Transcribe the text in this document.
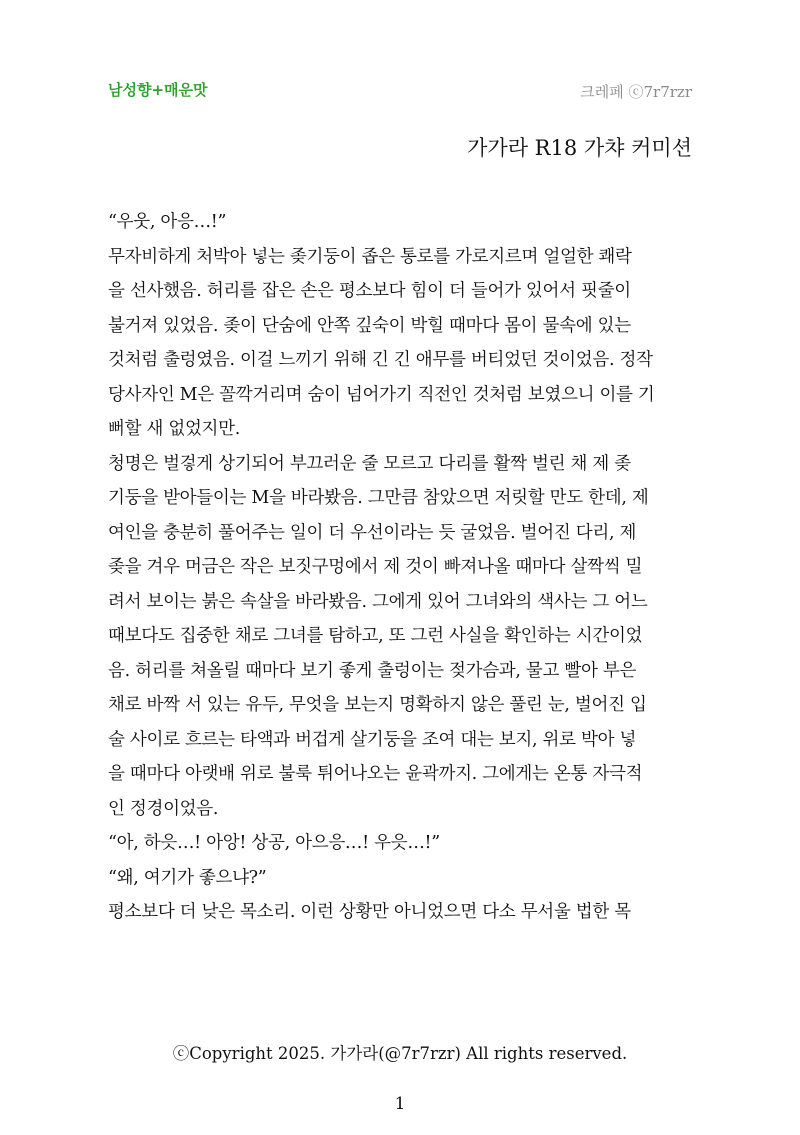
남성향+매운맛	크레페 ⓒ7r7rzr
가가라 R18 가챠 커미션

“우웃, 아응…!”

무자비하게 처박아 넣는 좆기둥이 좁은 통로를 가로지르며 얼얼한 쾌락
을 선사했음. 허리를 잡은 손은 평소보다 힘이 더 들어가 있어서 핏줄이
불거져 있었음. 좆이 단숨에 안쪽 깊숙이 박힐 때마다 몸이 물속에 있는
것처럼 출렁였음. 이걸 느끼기 위해 긴 긴 애무를 버티었던 것이었음. 정작
당사자인 M은 꼴깍거리며 숨이 넘어가기 직전인 것처럼 보였으니 이를 기
뻐할 새 없었지만.

청명은 벌겋게 상기되어 부끄러운 줄 모르고 다리를 활짝 벌린 채 제 좆
기둥을 받아들이는 M을 바라봤음. 그만큼 참았으면 저릿할 만도 한데, 제
여인을 충분히 풀어주는 일이 더 우선이라는 듯 굴었음. 벌어진 다리, 제
좆을 겨우 머금은 작은 보짓구멍에서 제 것이 빠져나올 때마다 살짝씩 밀
려서 보이는 붉은 속살을 바라봤음. 그에게 있어 그녀와의 색사는 그 어느
때보다도 집중한 채로 그녀를 탐하고, 또 그런 사실을 확인하는 시간이었
음. 허리를 쳐올릴 때마다 보기 좋게 출렁이는 젖가슴과, 물고 빨아 부은
채로 바짝 서 있는 유두, 무엇을 보는지 명확하지 않은 풀린 눈, 벌어진 입
술 사이로 흐르는 타액과 버겁게 살기둥을 조여 대는 보지, 위로 박아 넣
을 때마다 아랫배 위로 불룩 튀어나오는 윤곽까지. 그에게는 온통 자극적
인 정경이었음.

“아, 하읏…! 아앙! 상공, 아으응…! 우읏…!”

“왜, 여기가 좋으냐?”

평소보다 더 낮은 목소리. 이런 상황만 아니었으면 다소 무서울 법한 목

ⓒCopyright 2025. 가가라(@7r7rzr) All rights reserved.
1
